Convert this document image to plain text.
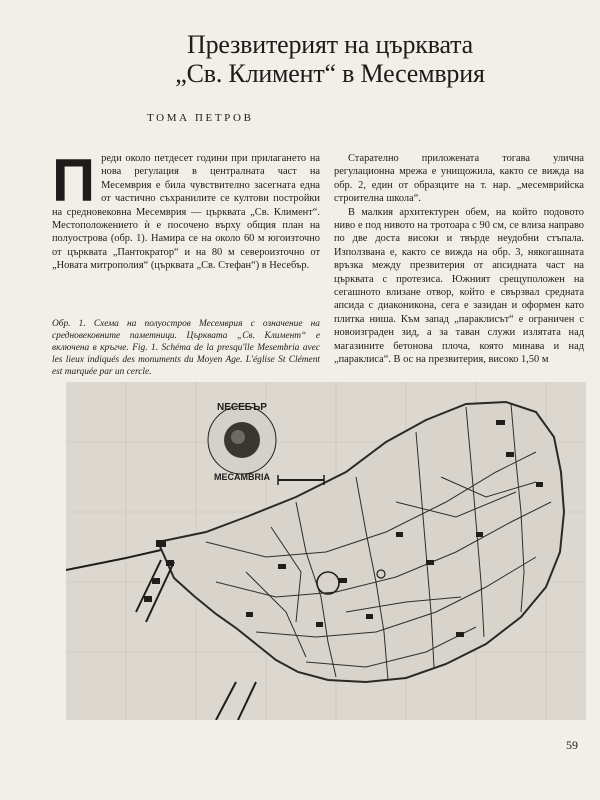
Презвитерият на църквата
„Св. Климент“ в Месемврия
ТОМА ПЕТРОВ
П реди около петдесет години при прилагането на нова регулация в централната част на Месемврия е била чувствително засегната една от частично съхранилите се култови постройки на средновековна Месемврия — църквата „Св. Климент“. Местоположението ѝ е посочено върху общия план на полуострова (обр. 1). Намира се на около 60 м югоизточно от църквата „Пантократор“ и на 80 м североизточно от „Новата митрополия“ (църквата „Св. Стефан“) в Несебър.

Обр. 1. Схема на полуостров Месемврия с означение на средновековните паметници. Църквата „Св. Климент“ е включена в кръгче. Fig. 1. Schéma de la presqu'île Mesembria avec les lieux indiqués des monuments du Moyen Age. L'église St Clément est marquée par un cercle.

Старателно приложената тогава улична регулационна мрежа е унищожила, както се вижда на обр. 2, един от образците на т. нар. „месемврийска строителна школа“.

В малкия архитектурен обем, на който подовото ниво е под нивото на тротоара с 90 см, се влиза направо по две доста високи и твърде неудобни стъпала. Използвана е, както се вижда на обр. 3, някогашната връзка между презвитерия от апсидната част на църквата с протезиса. Южният срещуположен на сегашното влизане отвор, който е свързвал средната апсида с диаконикона, сега е зазидан и оформен като плитка ниша. Към запад „параклисът“ е ограничен с новоизграден зид, а за таван служи излятата над магазините бетонова плоча, която минава и над „параклиса“. В ос на презвитерия, високо 1,50 м

NECEБЪP
MECAMBRIA
59
